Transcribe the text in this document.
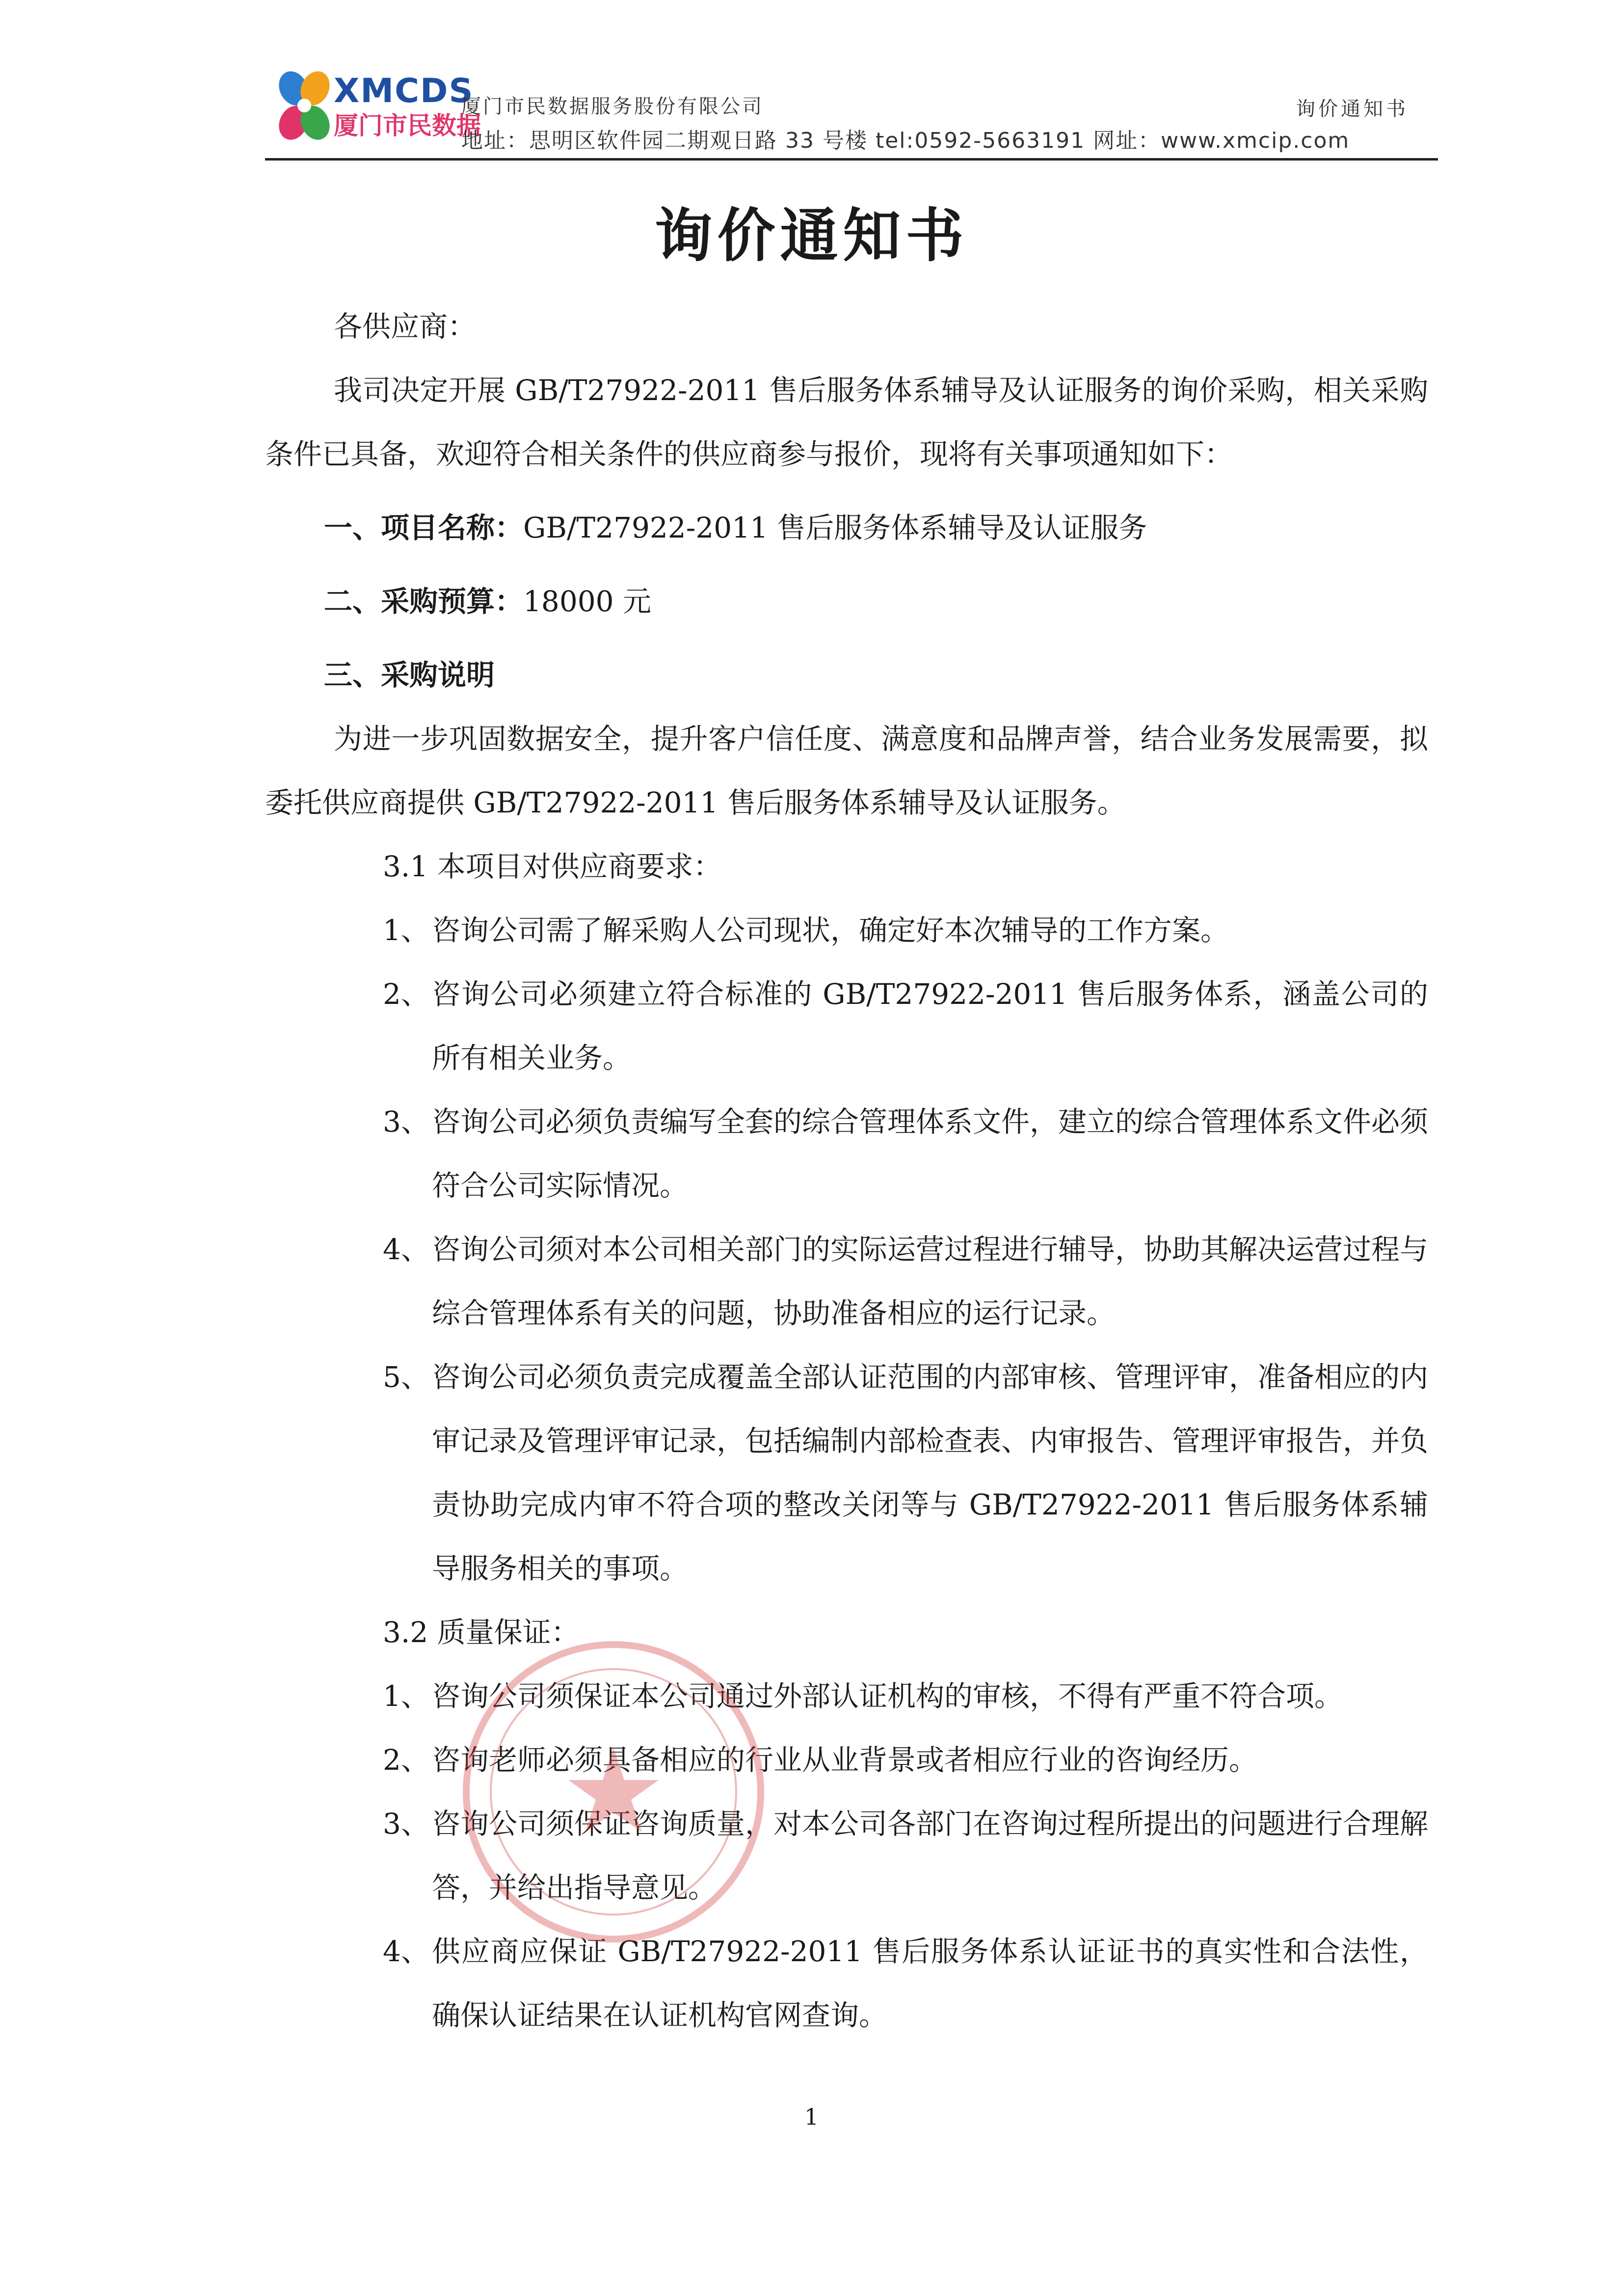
XMCDS
厦门市民数据
厦门市民数据服务股份有限公司
地址：思明区软件园二期观日路 33 号楼 tel:0592-5663191 网址：www.xmcip.com
询价通知书
询价通知书

各供应商：

我司决定开展 GB/T27922-2011 售后服务体系辅导及认证服务的询价采购，相关采购条件已具备，欢迎符合相关条件的供应商参与报价，现将有关事项通知如下：

一、项目名称：GB/T27922-2011 售后服务体系辅导及认证服务

二、采购预算：18000 元

三、采购说明

为进一步巩固数据安全，提升客户信任度、满意度和品牌声誉，结合业务发展需要，拟委托供应商提供 GB/T27922-2011 售后服务体系辅导及认证服务。

3.1 本项目对供应商要求：

1、 咨询公司需了解采购人公司现状，确定好本次辅导的工作方案。
2、 咨询公司必须建立符合标准的 GB/T27922-2011 售后服务体系，涵盖公司的所有相关业务。
3、 咨询公司必须负责编写全套的综合管理体系文件，建立的综合管理体系文件必须符合公司实际情况。
4、 咨询公司须对本公司相关部门的实际运营过程进行辅导，协助其解决运营过程与综合管理体系有关的问题，协助准备相应的运行记录。
5、 咨询公司必须负责完成覆盖全部认证范围的内部审核、管理评审，准备相应的内审记录及管理评审记录，包括编制内部检查表、内审报告、管理评审报告，并负责协助完成内审不符合项的整改关闭等与 GB/T27922-2011 售后服务体系辅导服务相关的事项。

3.2 质量保证：

1、 咨询公司须保证本公司通过外部认证机构的审核，不得有严重不符合项。
2、 咨询老师必须具备相应的行业从业背景或者相应行业的咨询经历。
3、 咨询公司须保证咨询质量，对本公司各部门在咨询过程所提出的问题进行合理解答，并给出指导意见。
4、 供应商应保证 GB/T27922-2011 售后服务体系认证证书的真实性和合法性，确保认证结果在认证机构官网查询。
1
